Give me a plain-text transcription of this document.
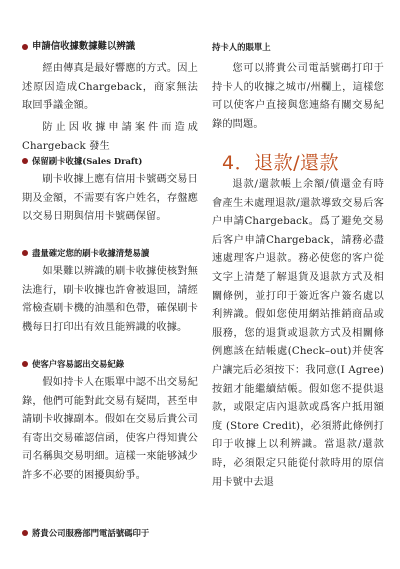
申請信收據數據難以辨識

經由傳真是最好響應的方式。因上述原因造成Chargeback，商家無法取回爭議金額。

防止因收據申請案件而造成Chargeback 發生

保留刷卡收據(Sales Draft)

刷卡收據上應有信用卡號碼交易日期及金額，不需要有客户姓名，存盤應以交易日期與信用卡號碼保留。

盡量確定您的刷卡收據清楚易讀

如果難以辨識的刷卡收據使核對無法進行，刷卡收據也許會被退回，請經常檢查刷卡機的油墨和色帶，確保刷卡機每日打印出有效且能辨識的收據。

使客户容易認出交易紀錄

假如持卡人在賬單中認不出交易紀錄，他們可能對此交易有疑問，甚至申請刷卡收據副本。假如在交易后貴公司有寄出交易確認信函，使客户得知貴公司名稱與交易明細。這樣一來能够減少許多不必要的困擾與紛爭。

將貴公司服務部門電話號碼印于
持卡人的賬單上

您可以將貴公司電話號碼打印于持卡人的收據之城市/州欄上，這樣您可以使客户直接與您連絡有關交易紀錄的問題。

4．退款/還款

退款/還款帳上余額/債還金有時會產生未處理退款/還款導致交易后客户申請Chargeback。爲了避免交易后客户申請Chargeback，請務必盡速處理客户退款。務必使您的客户從文字上清楚了解退貨及退款方式及相關條例，並打印于簽近客户簽名處以利辨識。假如您使用網站推銷商品或服務，您的退貨或退款方式及相關條例應該在結帳處(Check–out)并使客户讓完后必須按下：我同意(I Agree) 按鈕才能繼續結帳。假如您不提供退款，或限定店內退款或爲客户抵用額度 (Store Credit)，必須將此條例打印于收據上以利辨識。當退款/還款時，必須限定只能從付款時用的原信用卡號中去退
